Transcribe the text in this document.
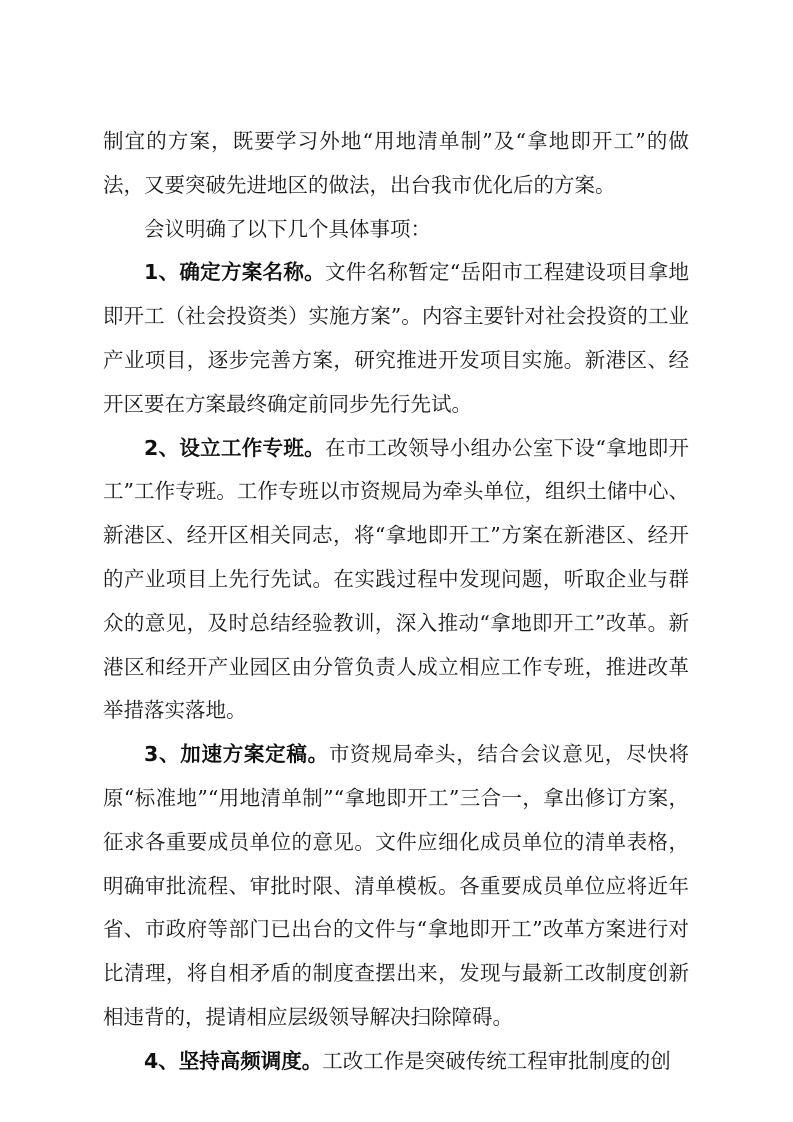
制宜的方案，既要学习外地“用地清单制”及“拿地即开工”的做法，又要突破先进地区的做法，出台我市优化后的方案。

会议明确了以下几个具体事项：

1、确定方案名称。文件名称暂定“岳阳市工程建设项目拿地即开工（社会投资类）实施方案”。内容主要针对社会投资的工业产业项目，逐步完善方案，研究推进开发项目实施。新港区、经开区要在方案最终确定前同步先行先试。

2、设立工作专班。在市工改领导小组办公室下设“拿地即开工”工作专班。工作专班以市资规局为牵头单位，组织土储中心、新港区、经开区相关同志，将“拿地即开工”方案在新港区、经开的产业项目上先行先试。在实践过程中发现问题，听取企业与群众的意见，及时总结经验教训，深入推动“拿地即开工”改革。新港区和经开产业园区由分管负责人成立相应工作专班，推进改革举措落实落地。

3、加速方案定稿。市资规局牵头，结合会议意见，尽快将原“标准地”“用地清单制”“拿地即开工”三合一，拿出修订方案，征求各重要成员单位的意见。文件应细化成员单位的清单表格，明确审批流程、审批时限、清单模板。各重要成员单位应将近年省、市政府等部门已出台的文件与“拿地即开工”改革方案进行对比清理，将自相矛盾的制度查摆出来，发现与最新工改制度创新相违背的，提请相应层级领导解决扫除障碍。

4、坚持高频调度。工改工作是突破传统工程审批制度的创
